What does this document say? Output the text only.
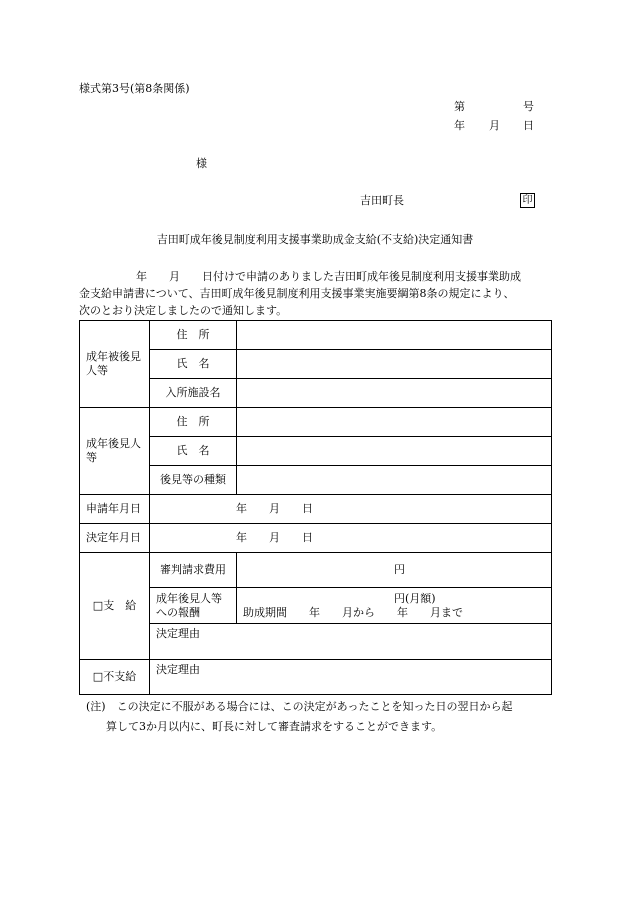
様式第3号(第8条関係)
第	号
年 月 日
様
吉田町長	印
吉田町成年後見制度利用支援事業助成金支給(不支給)決定通知書

年　　月　　日付けで申請のありました吉田町成年後見制度利用支援事業助成

金支給申請書について、吉田町成年後見制度利用支援事業実施要綱第8条の規定により、

次のとおり決定しましたので通知します。

成年被後見人等	住　所	
	氏　名	
	入所施設名	
成年後見人等	住　所	
	氏　名	
	後見等の種類	
申請年月日	年　　月　　日	
決定年月日	年　　月　　日	
□支　給	審判請求費用	円
	成年後見人等への報酬	円(月額)
助成期間　　年　　月から　　年　　月まで

	決定理由	
□不支給	決定理由	

(注)　この決定に不服がある場合には、この決定があったことを知った日の翌日から起

算して3か月以内に、町長に対して審査請求をすることができます。
